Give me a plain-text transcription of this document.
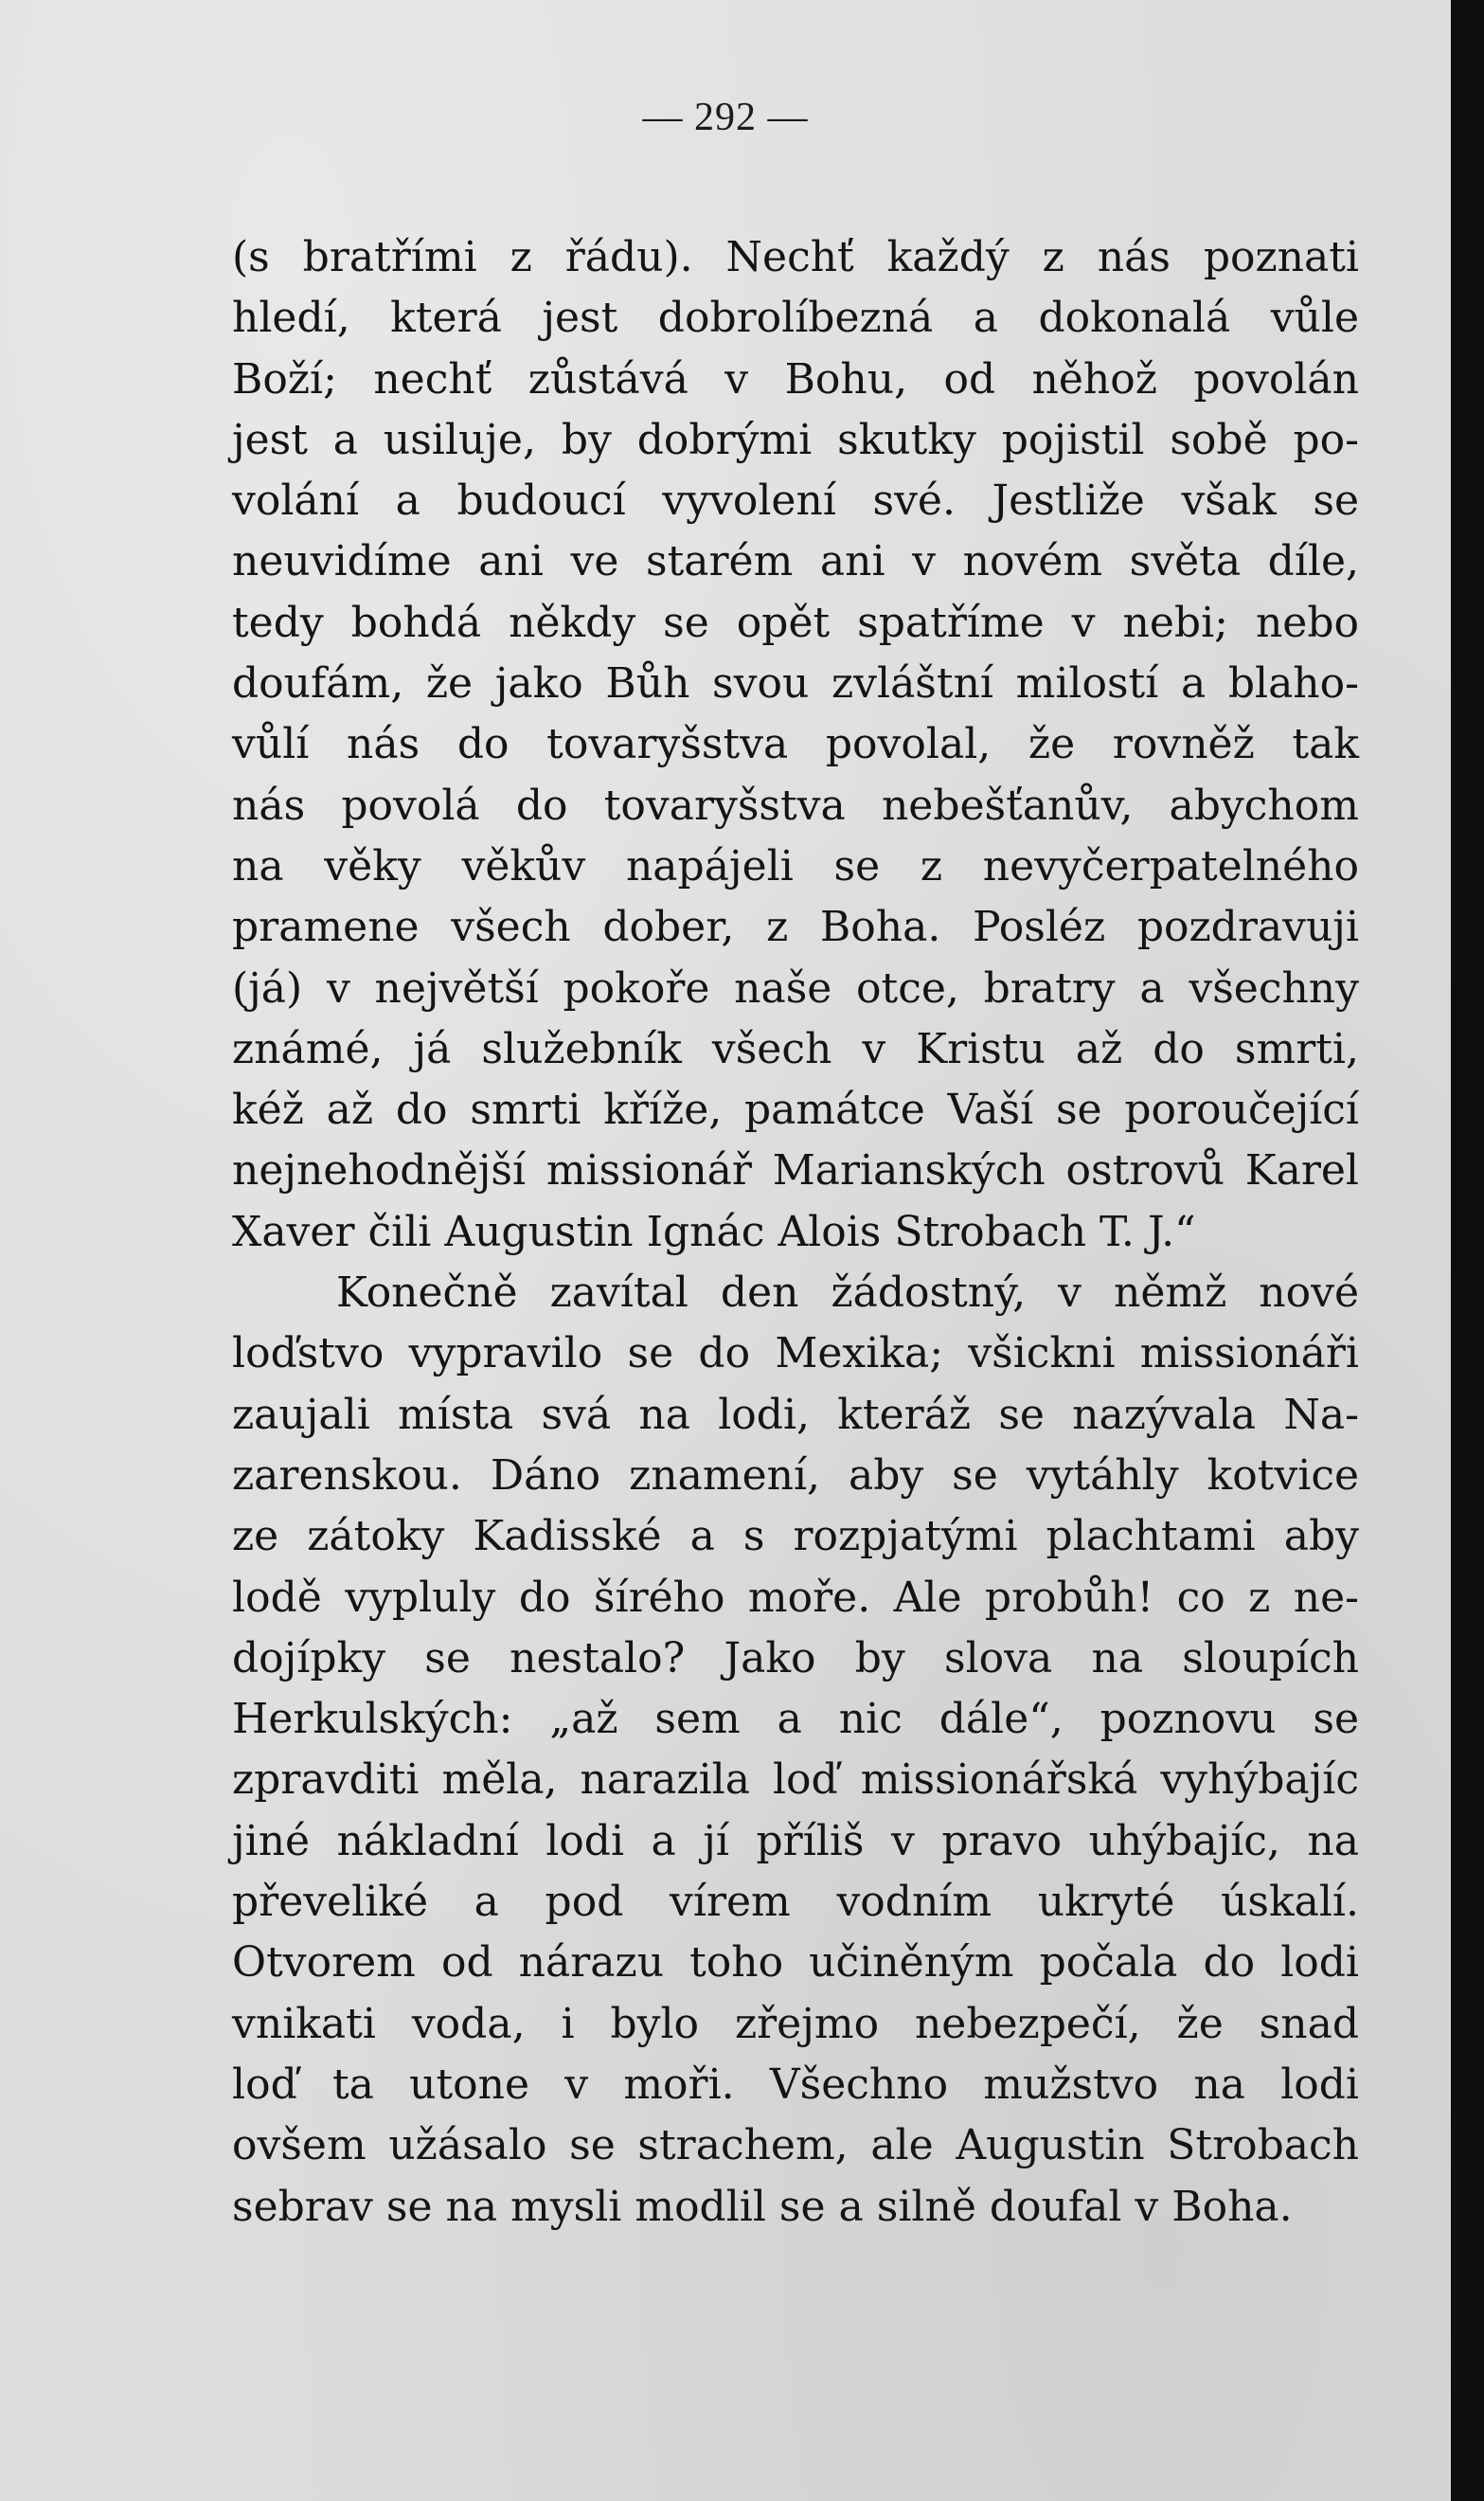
— 292 —
(s bratřími z řádu). Nechť každý z nás poznati
hledí, která jest dobrolíbezná a dokonalá vůle
Boží; nechť zůstává v Bohu, od něhož povolán
jest a usiluje, by dobrými skutky pojistil sobě po-
volání a budoucí vyvolení své. Jestliže však se
neuvidíme ani ve starém ani v novém světa díle,
tedy bohdá někdy se opět spatříme v nebi; nebo
doufám, že jako Bůh svou zvláštní milostí a blaho-
vůlí nás do tovaryšstva povolal, že rovněž tak
nás povolá do tovaryšstva nebešťanův, abychom
na věky věkův napájeli se z nevyčerpatelného
pramene všech dober, z Boha. Posléz pozdravuji
(já) v největší pokoře naše otce, bratry a všechny
známé, já služebník všech v Kristu až do smrti,
kéž až do smrti kříže, památce Vaší se poroučející
nejnehodnější missionář Marianských ostrovů Karel
Xaver čili Augustin Ignác Alois Strobach T. J.“
Konečně zavítal den žádostný, v němž nové
loďstvo vypravilo se do Mexika; všickni missionáři
zaujali místa svá na lodi, kteráž se nazývala Na-
zarenskou. Dáno znamení, aby se vytáhly kotvice
ze zátoky Kadisské a s rozpjatými plachtami aby
lodě vypluly do šírého moře. Ale probůh! co z ne-
dojípky se nestalo? Jako by slova na sloupích
Herkulských: „až sem a nic dále“, poznovu se
zpravditi měla, narazila loď missionářská vyhýbajíc
jiné nákladní lodi a jí příliš v pravo uhýbajíc, na
převeliké a pod vírem vodním ukryté úskalí.
Otvorem od nárazu toho učiněným počala do lodi
vnikati voda, i bylo zřejmo nebezpečí, že snad
loď ta utone v moři. Všechno mužstvo na lodi
ovšem užásalo se strachem, ale Augustin Strobach
sebrav se na mysli modlil se a silně doufal v Boha.
